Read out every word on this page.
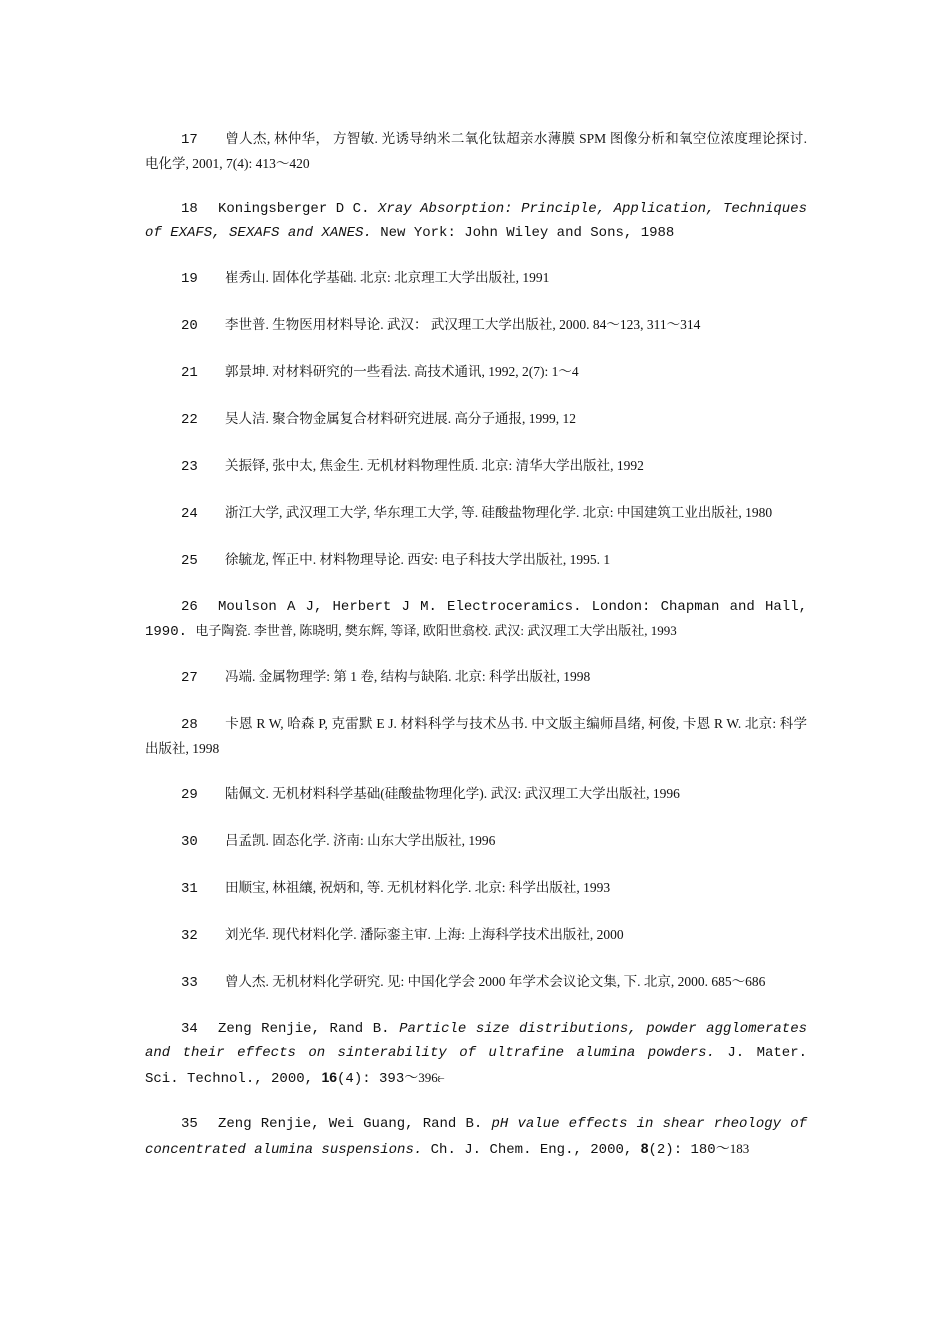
17 曾人杰, 林仲华， 方智敏. 光诱导纳米二氧化钛超亲水薄膜 SPM 图像分析和氧空位浓度理论探讨. 电化学, 2001, 7(4): 413～420

18 Koningsberger D C. Xray Absorption: Principle, Application, Techniques of EXAFS, SEXAFS and XANES. New York: John Wiley and Sons, 1988

19 崔秀山. 固体化学基础. 北京: 北京理工大学出版社, 1991

20 李世普. 生物医用材料导论. 武汉： 武汉理工大学出版社, 2000. 84～123, 311～314

21 郭景坤. 对材料研究的一些看法. 高技术通讯, 1992, 2(7): 1～4

22 吴人洁. 聚合物金属复合材料研究进展. 高分子通报, 1999, 12

23 关振铎, 张中太, 焦金生. 无机材料物理性质. 北京: 清华大学出版社, 1992

24 浙江大学, 武汉理工大学, 华东理工大学, 等. 硅酸盐物理化学. 北京: 中国建筑工业出版社, 1980

25 徐毓龙, 恽正中. 材料物理导论. 西安: 电子科技大学出版社, 1995. 1

26 Moulson A J, Herbert J M. Electroceramics. London: Chapman and Hall, 1990. 电子陶瓷. 李世普, 陈晓明, 樊东辉, 等译, 欧阳世翕校. 武汉: 武汉理工大学出版社, 1993

27 冯端. 金属物理学: 第 1 卷, 结构与缺陷. 北京: 科学出版社, 1998

28 卡恩 R W, 哈森 P, 克雷默 E J. 材料科学与技术丛书. 中文版主编师昌绪, 柯俊, 卡恩 R W. 北京: 科学出版社, 1998

29 陆佩文. 无机材料科学基础(硅酸盐物理化学). 武汉: 武汉理工大学出版社, 1996

30 吕孟凯. 固态化学. 济南: 山东大学出版社, 1996

31 田顺宝, 林祖纕, 祝炳和, 等. 无机材料化学. 北京: 科学出版社, 1993

32 刘光华. 现代材料化学. 潘际銮主审. 上海: 上海科学技术出版社, 2000

33 曾人杰. 无机材料化学研究. 见: 中国化学会 2000 年学术会议论文集, 下. 北京, 2000. 685～686

34 Zeng Renjie, Rand B. Particle size distributions, powder agglomerates and their effects on sinterability of ultrafine alumina powders. J. Mater. Sci. Technol., 2000, 16(4): 393～396⥼

35 Zeng Renjie, Wei Guang, Rand B. pH value effects in shear rheology of concentrated alumina suspensions. Ch. J. Chem. Eng., 2000, 8(2): 180～183
